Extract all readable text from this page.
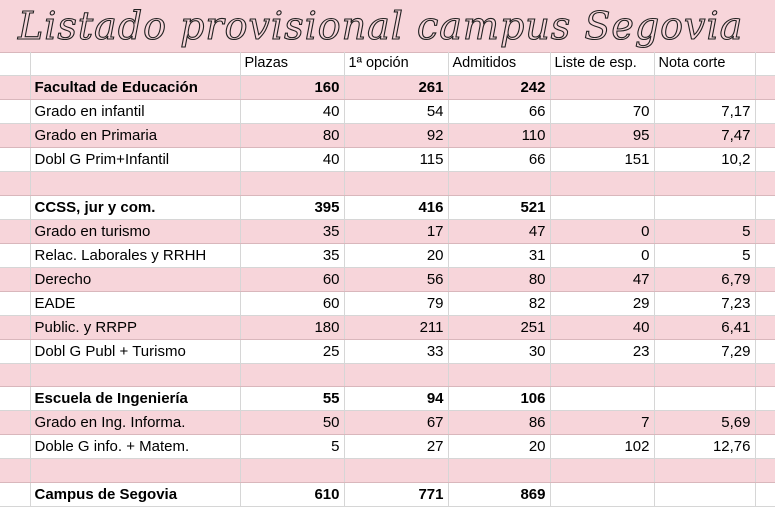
Listado provisional campus Segovia
		Plazas	1ª opción	Admitidos	Liste de esp.	Nota corte	
	Facultad de Educación	160	261	242			
	Grado en infantil	40	54	66	70	7,17	
	Grado en Primaria	80	92	110	95	7,47	
	Dobl G Prim+Infantil	40	115	66	151	10,2	

	CCSS, jur y com.	395	416	521			
	Grado en turismo	35	17	47	0	5	
	Relac. Laborales y RRHH	35	20	31	0	5	
	Derecho	60	56	80	47	6,79	
	EADE	60	79	82	29	7,23	
	Public. y RRPP	180	211	251	40	6,41	
	Dobl G Publ + Turismo	25	33	30	23	7,29	

	Escuela de Ingeniería	55	94	106			
	Grado en Ing. Informa.	50	67	86	7	5,69	
	Doble G info. + Matem.	5	27	20	102	12,76	

	Campus de Segovia	610	771	869			
